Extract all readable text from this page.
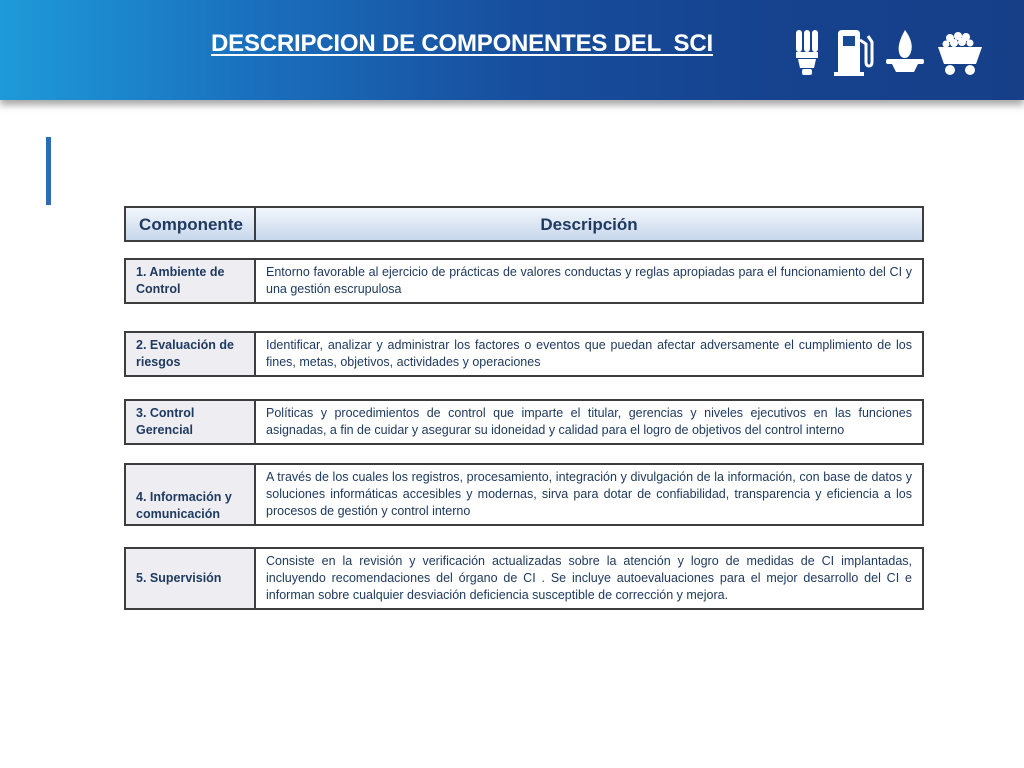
DESCRIPCION DE COMPONENTES DEL  SCI
Componente	Descripción
1. Ambiente de
Control
Entorno favorable al ejercicio de prácticas de valores conductas y reglas apropiadas para el funcionamiento del CI y una gestión escrupulosa
2. Evaluación de
riesgos
Identificar, analizar y administrar los factores o eventos que puedan afectar adversamente el cumplimiento de los fines, metas, objetivos, actividades y operaciones
3. Control
Gerencial
Políticas y procedimientos de control que imparte el titular, gerencias y niveles ejecutivos en las funciones asignadas, a fin de cuidar y asegurar su idoneidad y calidad para el logro de objetivos del control interno
4. Información y
comunicación
A través de los cuales los registros, procesamiento, integración y divulgación de la información, con base de datos y soluciones informáticas accesibles y modernas, sirva para dotar de confiabilidad, transparencia y eficiencia a los procesos de gestión y control interno
5. Supervisión
Consiste en la revisión y verificación actualizadas sobre la atención y logro de medidas de CI implantadas, incluyendo recomendaciones del órgano de CI . Se incluye autoevaluaciones para el mejor desarrollo del CI e informan sobre cualquier desviación deficiencia susceptible de corrección y mejora.
